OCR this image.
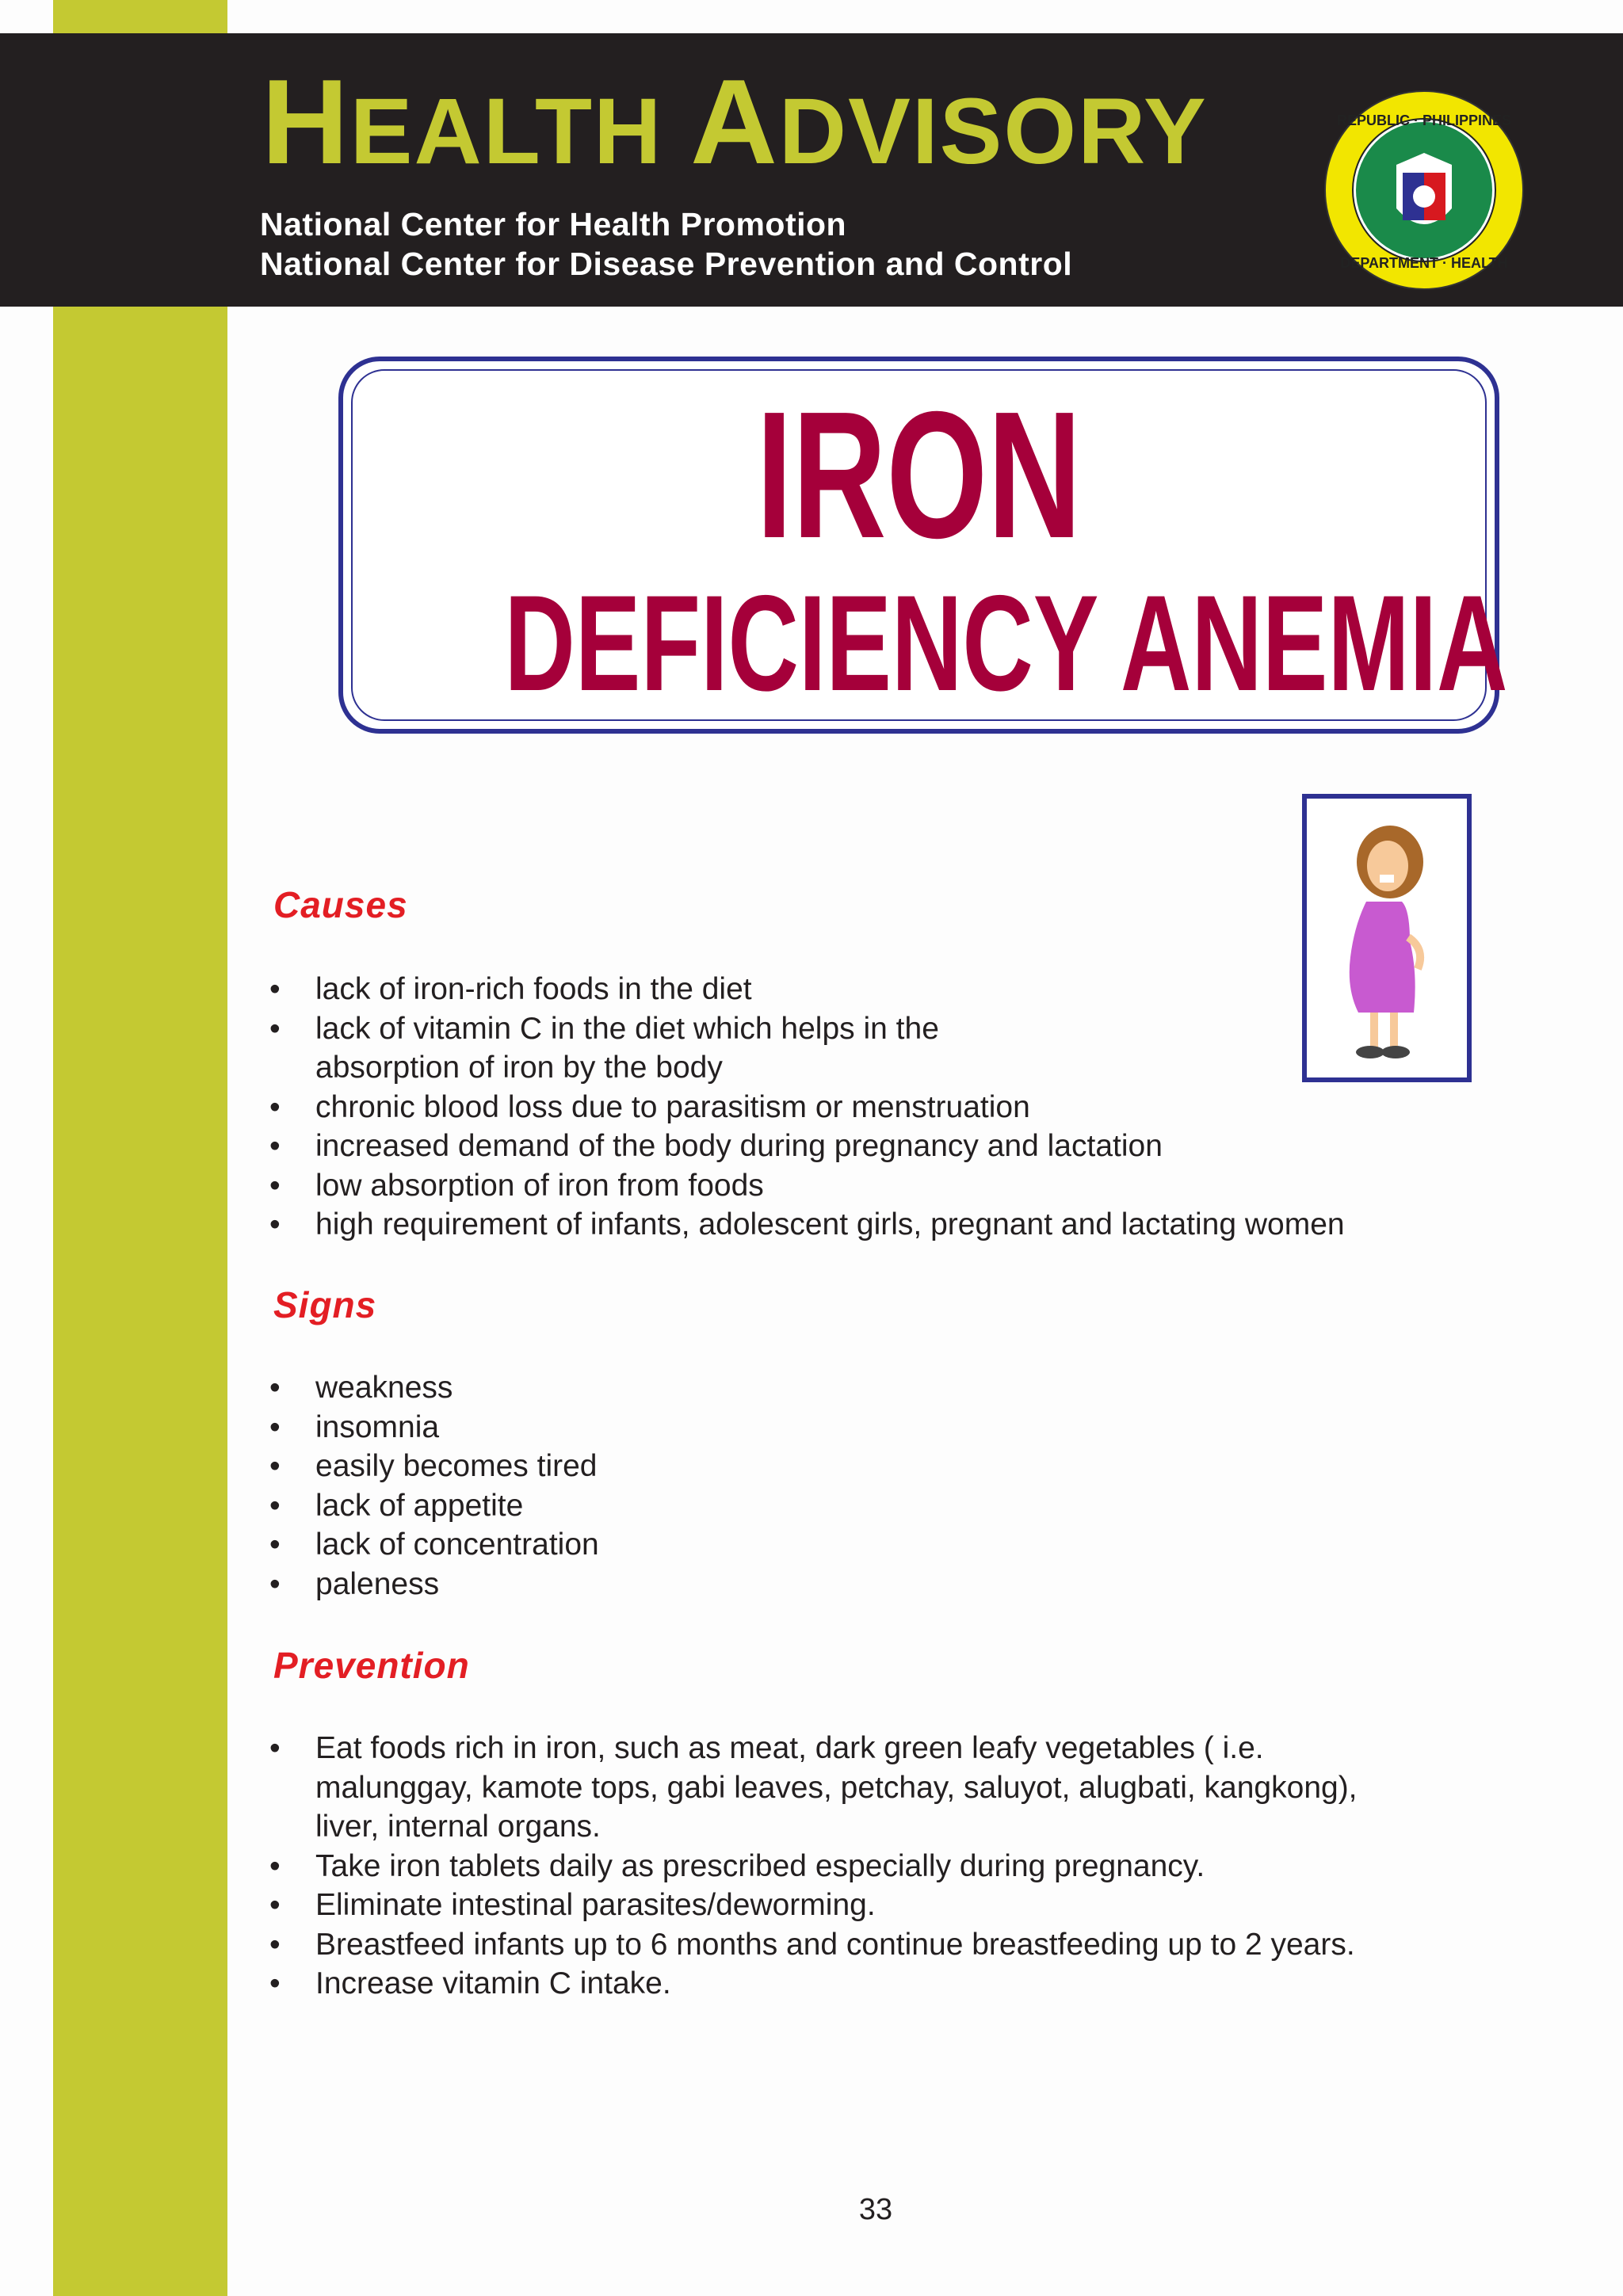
HEALTH ADVISORY
National Center for Health Promotion
National Center for Disease Prevention and Control
REPUBLIC · PHILIPPINES
DEPARTMENT · HEALTH
IRON
DEFICIENCY ANEMIA
Causes
• lack of iron-rich foods in the diet
• lack of vitamin C in the diet which helps in the absorption of iron by the body
• chronic blood loss due to parasitism or menstruation
• increased demand of the body during pregnancy and lactation
• low absorption of iron from foods
• high requirement of infants, adolescent girls, pregnant and lactating women
Signs
• weakness
• insomnia
• easily becomes tired
• lack of appetite
• lack of concentration
• paleness
Prevention
• Eat foods rich in iron, such as meat, dark green leafy vegetables ( i.e. malunggay, kamote tops, gabi leaves, petchay, saluyot, alugbati, kangkong), liver, internal organs.
• Take iron tablets daily as prescribed especially during pregnancy.
• Eliminate intestinal parasites/deworming.
• Breastfeed infants up to 6 months and continue breastfeeding up to 2 years.
• Increase vitamin C intake.
33
